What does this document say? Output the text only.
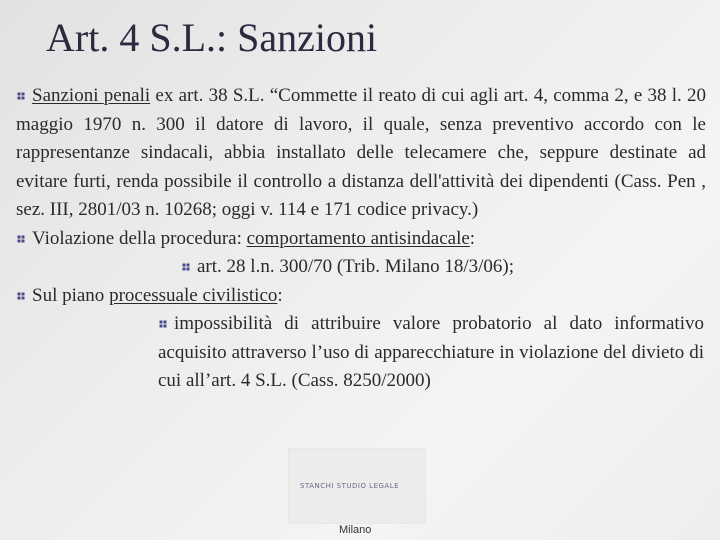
Art. 4 S.L.: Sanzioni

Sanzioni penali ex art. 38 S.L. “Commette il reato di cui agli art. 4, comma 2, e 38 l. 20 maggio 1970 n. 300 il datore di lavoro, il quale, senza preventivo accordo con le rappresentanze sindacali, abbia installato delle telecamere che, seppure destinate ad evitare furti, renda possibile il controllo a distanza dell'attività dei dipendenti (Cass. Pen , sez. III, 2801/03 n. 10268; oggi v. 114 e 171 codice privacy.)

Violazione della procedura: comportamento antisindacale:

art. 28 l.n. 300/70 (Trib. Milano 18/3/06);

Sul piano processuale civilistico:

impossibilità di attribuire valore probatorio al dato informativo acquisito attraverso l’uso di apparecchiature in violazione del divieto di cui all’art. 4 S.L. (Cass. 8250/2000)

STANCHI STUDIO LEGALE
Milano
